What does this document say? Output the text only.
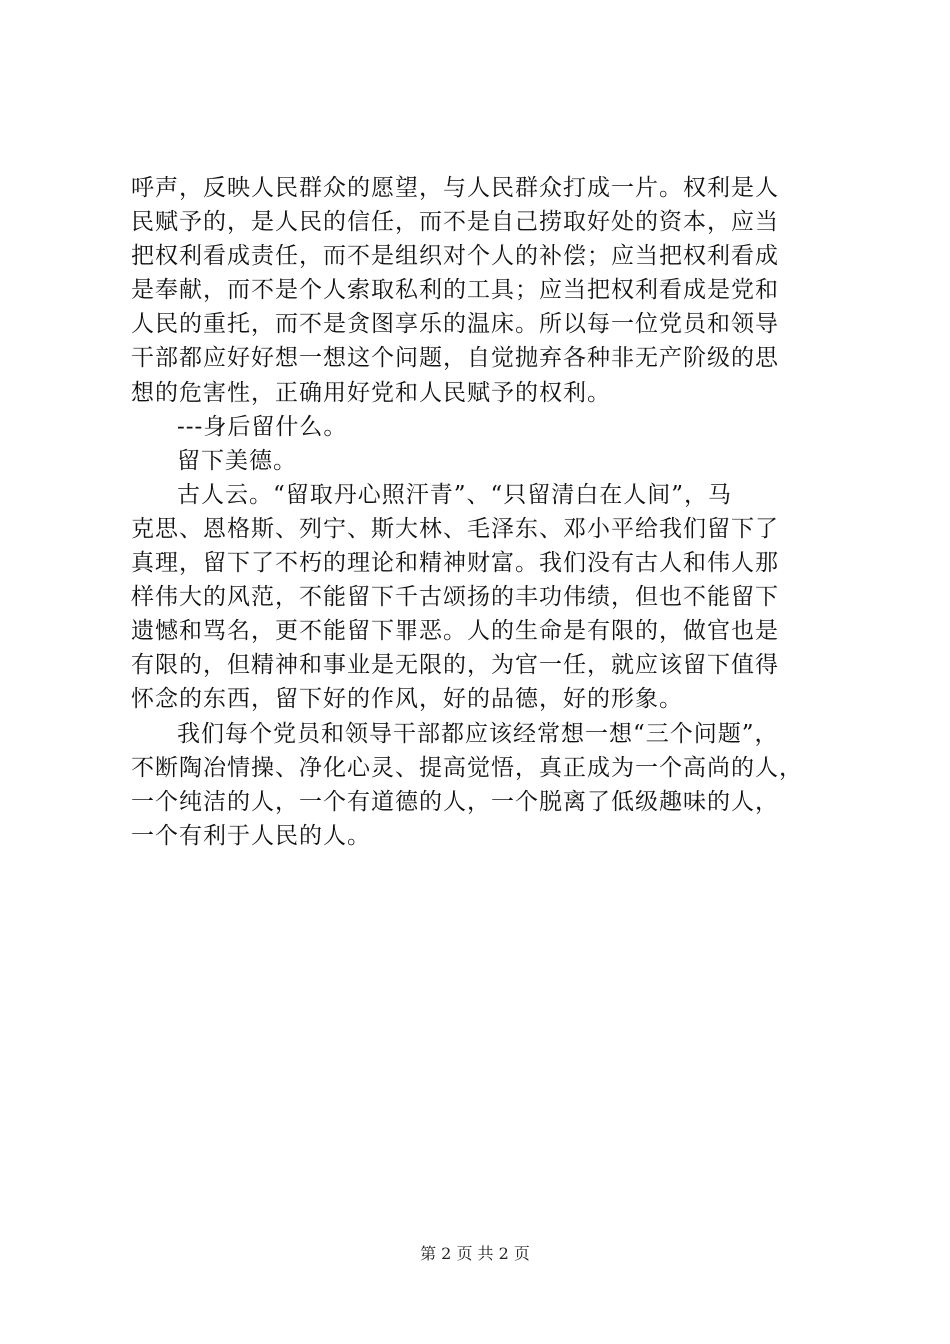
呼声，反映人民群众的愿望，与人民群众打成一片。权利是人
民赋予的，是人民的信任，而不是自己捞取好处的资本，应当
把权利看成责任，而不是组织对个人的补偿；应当把权利看成
是奉献，而不是个人索取私利的工具；应当把权利看成是党和
人民的重托，而不是贪图享乐的温床。所以每一位党员和领导
干部都应好好想一想这个问题，自觉抛弃各种非无产阶级的思
想的危害性，正确用好党和人民赋予的权利。
---身后留什么。
留下美德。
古人云。“留取丹心照汗青”、“只留清白在人间”，马
克思、恩格斯、列宁、斯大林、毛泽东、邓小平给我们留下了
真理，留下了不朽的理论和精神财富。我们没有古人和伟人那
样伟大的风范，不能留下千古颂扬的丰功伟绩，但也不能留下
遗憾和骂名，更不能留下罪恶。人的生命是有限的，做官也是
有限的，但精神和事业是无限的，为官一任，就应该留下值得
怀念的东西，留下好的作风，好的品德，好的形象。
我们每个党员和领导干部都应该经常想一想“三个问题”，
不断陶冶情操、净化心灵、提高觉悟，真正成为一个高尚的人，
一个纯洁的人，一个有道德的人，一个脱离了低级趣味的人，
一个有利于人民的人。
第 2 页 共 2 页
